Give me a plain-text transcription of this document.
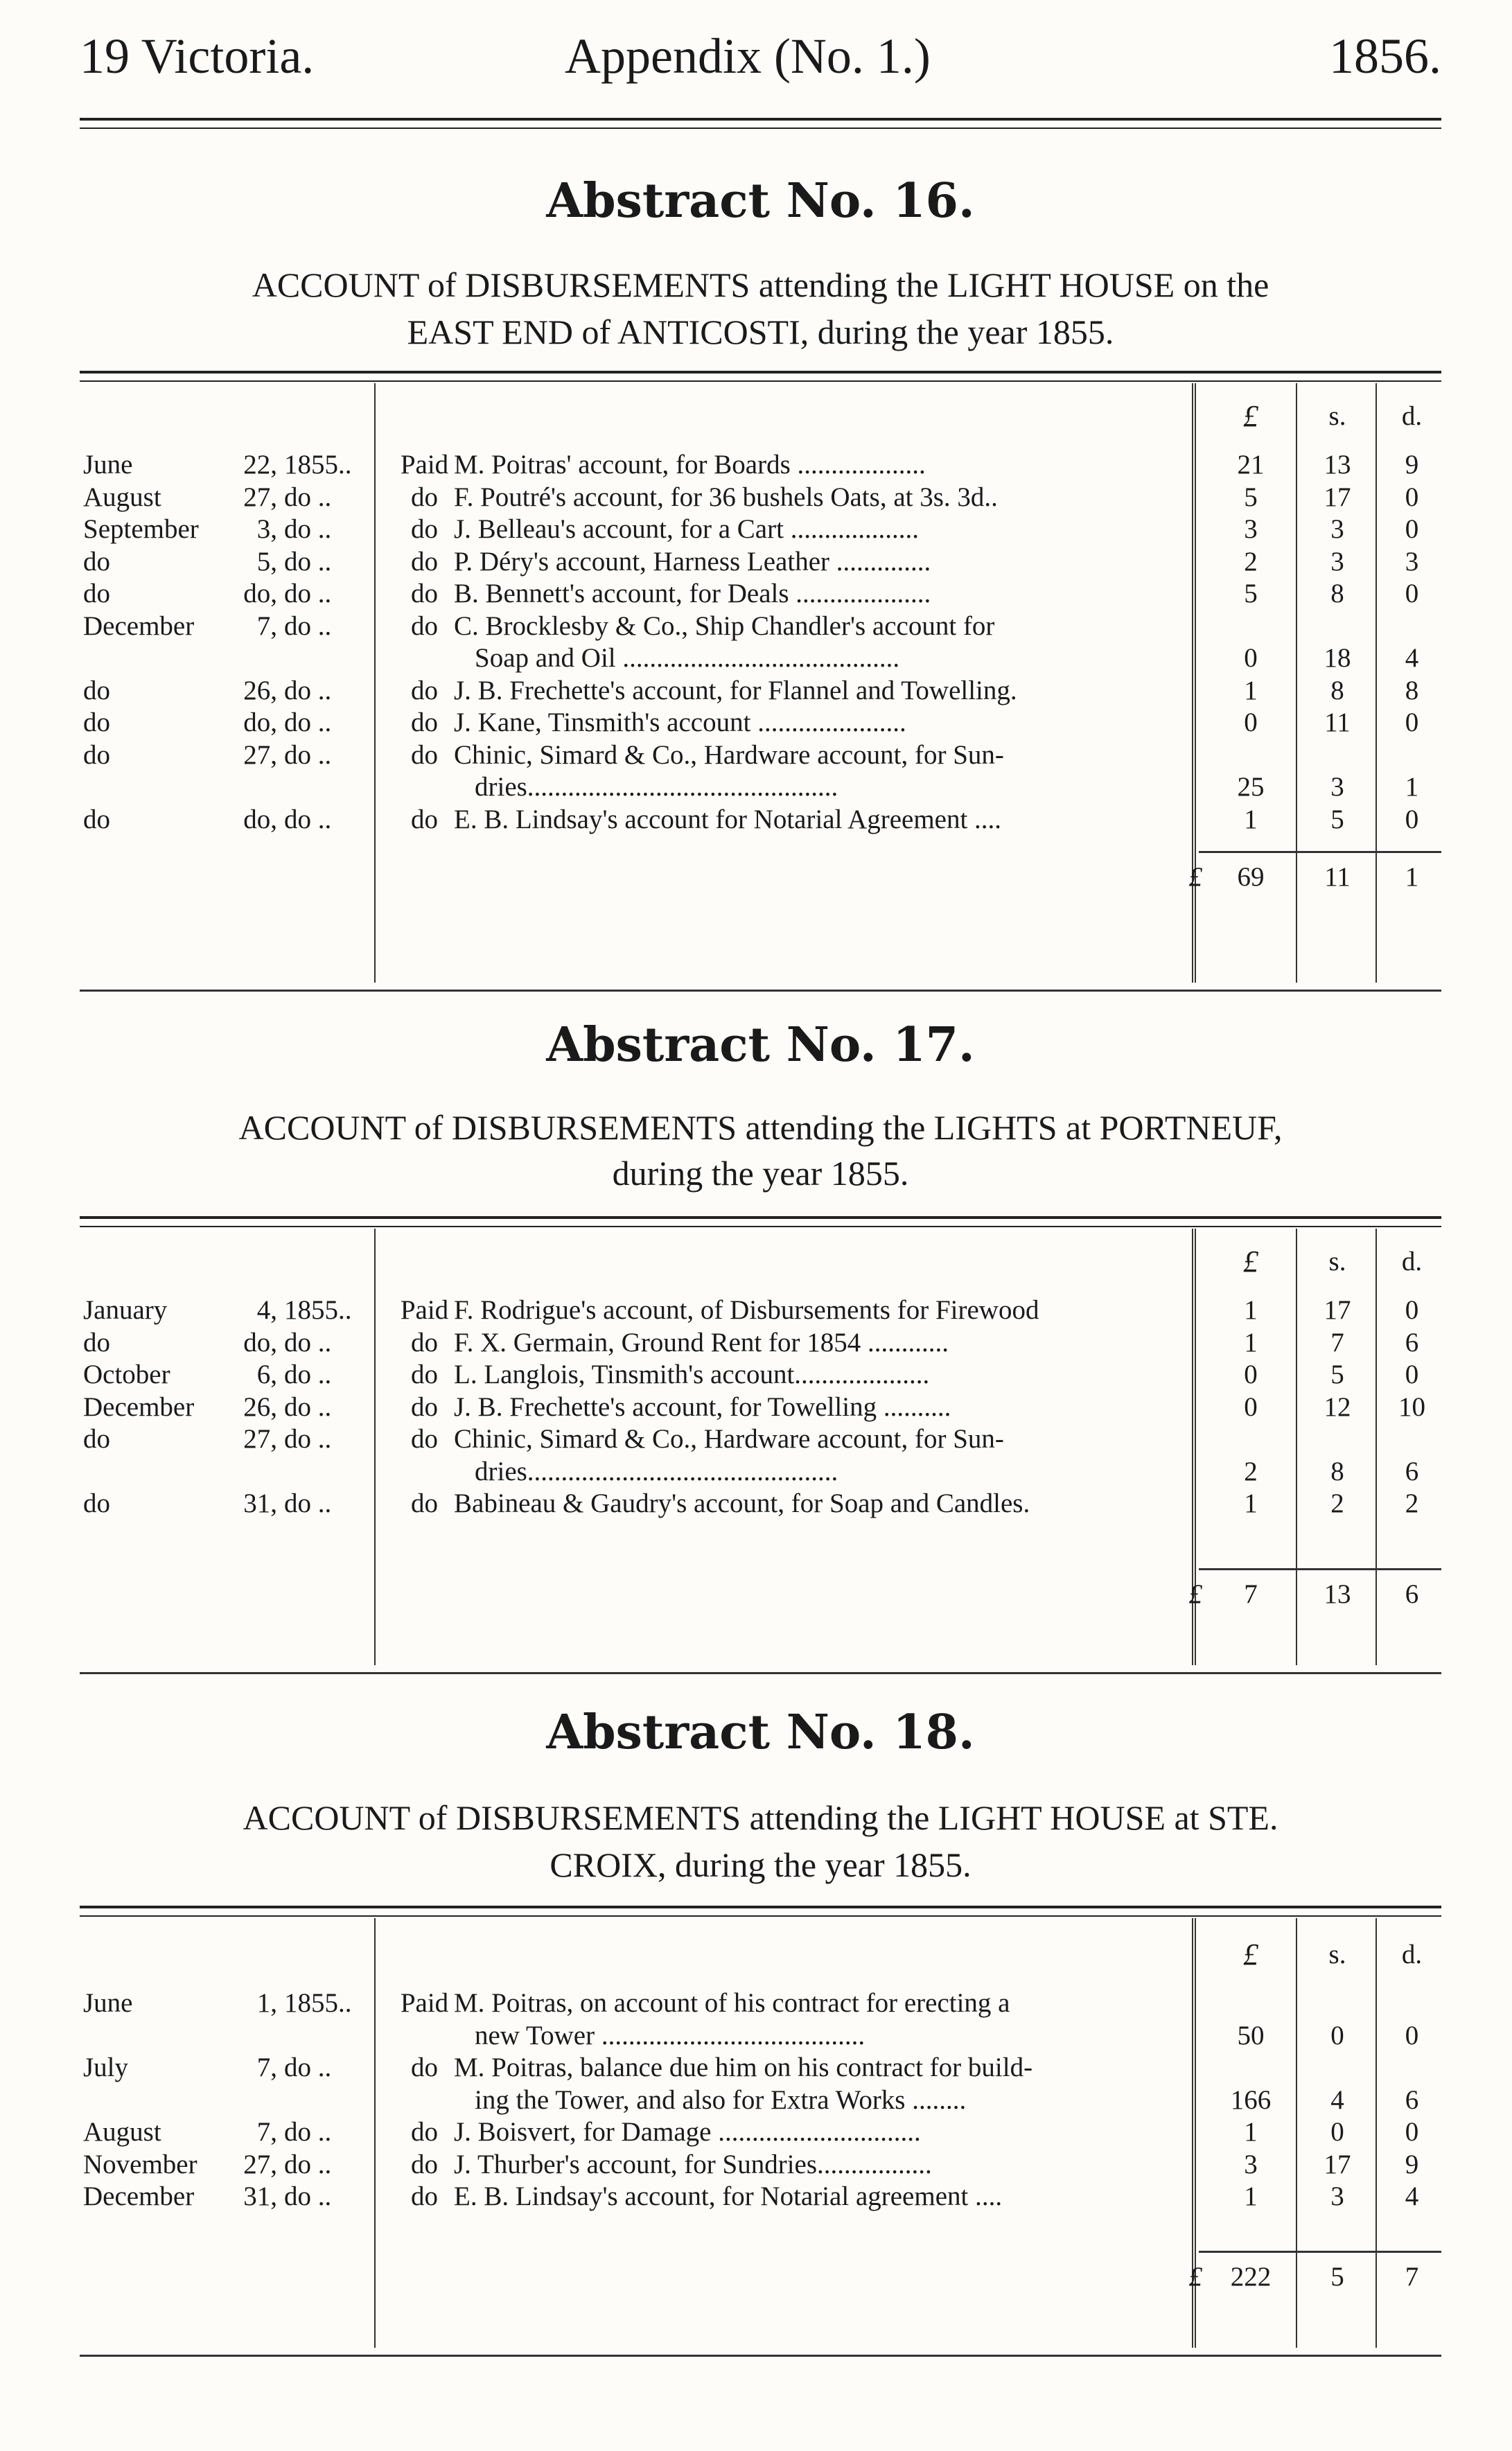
19 Victoria.	Appendix (No. 1.)	1856.
Abstract No. 16.
ACCOUNT of DISBURSEMENTS attending the LIGHT HOUSE on the
EAST END of ANTICOSTI, during the year 1855.
£	s.	d.
June	22, 1855..	Paid M. Poitras' account, for Boards ...................	21	13	9
August	27, do ..	do F. Poutré's account, for 36 bushels Oats, at 3s. 3d..	5	17	0
September	3, do ..	do J. Belleau's account, for a Cart ...................	3	3	0
do	5, do ..	do P. Déry's account, Harness Leather ..............	2	3	3
do	do, do ..	do B. Bennett's account, for Deals ....................	5	8	0
December	7, do ..	do C. Brocklesby & Co., Ship Chandler's account for
Soap and Oil .........................................	0	18	4
do	26, do ..	do J. B. Frechette's account, for Flannel and Towelling.	1	8	8
do	do, do ..	do J. Kane, Tinsmith's account ......................	0	11	0
do	27, do ..	do Chinic, Simard & Co., Hardware account, for Sun-
dries..............................................	25	3	1
do	do, do ..	do E. B. Lindsay's account for Notarial Agreement ....	1	5	0
£	69	11	1
Abstract No. 17.
ACCOUNT of DISBURSEMENTS attending the LIGHTS at PORTNEUF,
during the year 1855.
£	s.	d.
January	4, 1855..	Paid F. Rodrigue's account, of Disbursements for Firewood	1	17	0
do	do, do ..	do F. X. Germain, Ground Rent for 1854 ............	1	7	6
October	6, do ..	do L. Langlois, Tinsmith's account....................	0	5	0
December	26, do ..	do J. B. Frechette's account, for Towelling ..........	0	12	10
do	27, do ..	do Chinic, Simard & Co., Hardware account, for Sun-
dries..............................................	2	8	6
do	31, do ..	do Babineau & Gaudry's account, for Soap and Candles.	1	2	2
£	7	13	6
Abstract No. 18.
ACCOUNT of DISBURSEMENTS attending the LIGHT HOUSE at STE.
CROIX, during the year 1855.
£	s.	d.
June	1, 1855..	Paid M. Poitras, on account of his contract for erecting a
new Tower .......................................	50	0	0
July	7, do ..	do M. Poitras, balance due him on his contract for build-
ing the Tower, and also for Extra Works ........	166	4	6
August	7, do ..	do J. Boisvert, for Damage ..............................	1	0	0
November	27, do ..	do J. Thurber's account, for Sundries.................	3	17	9
December	31, do ..	do E. B. Lindsay's account, for Notarial agreement ....	1	3	4
£	222	5	7
